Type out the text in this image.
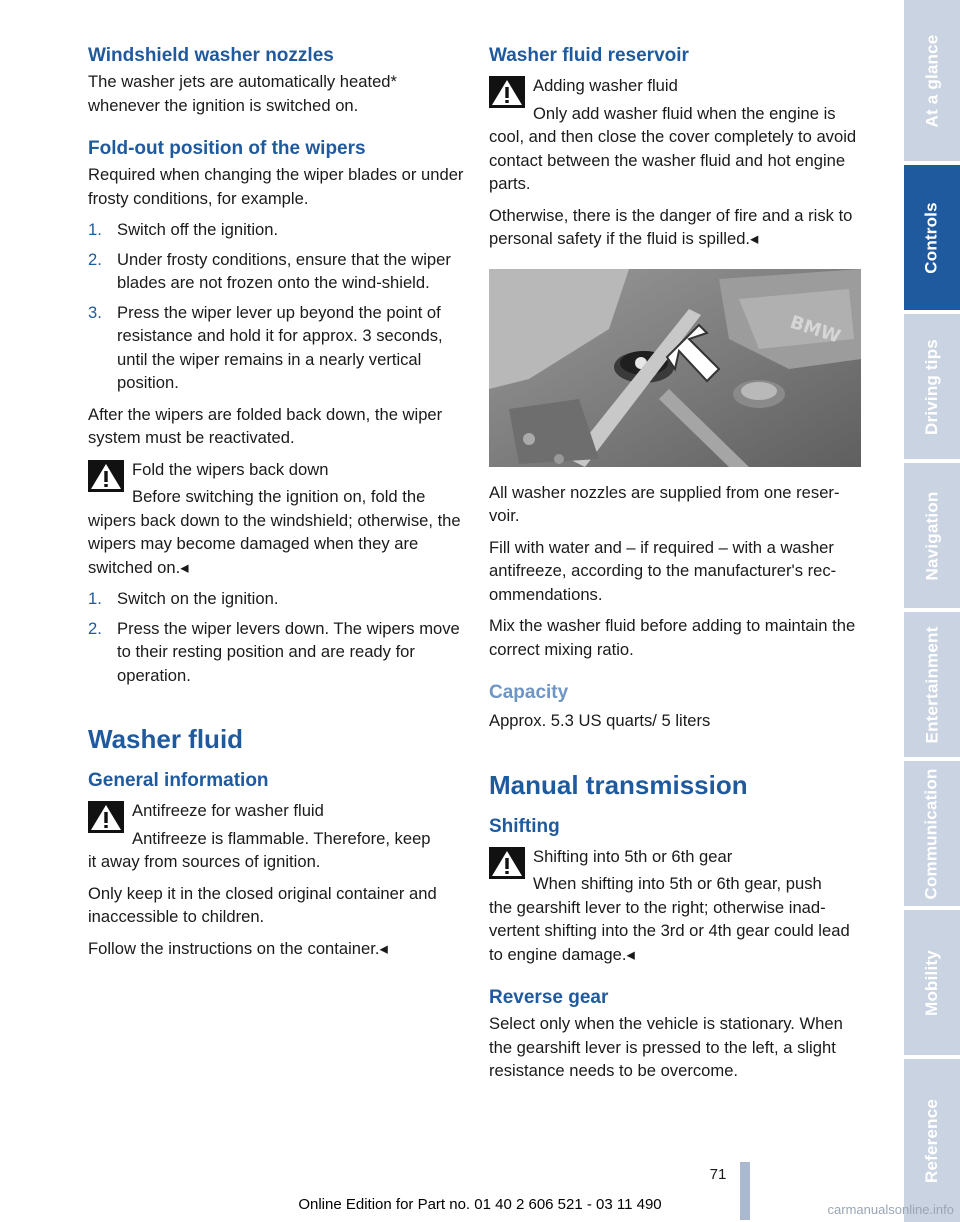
Windshield washer nozzles

The washer jets are automatically heated* whenever the ignition is switched on.

Fold-out position of the wipers

Required when changing the wiper blades or under frosty conditions, for example.

1. Switch off the ignition.
2. Under frosty conditions, ensure that the wiper blades are not frozen onto the wind-shield.
3. Press the wiper lever up beyond the point of resistance and hold it for approx. 3 seconds, until the wiper remains in a nearly vertical position.

After the wipers are folded back down, the wiper system must be reactivated.

Fold the wipers back down
Before switching the ignition on, fold the
wipers back down to the windshield; otherwise, the wipers may become damaged when they are switched on.◂
1. Switch on the ignition.
2. Press the wiper levers down. The wipers move to their resting position and are ready for operation.
Washer fluid
General information
Antifreeze for washer fluid
Antifreeze is flammable. Therefore, keep
it away from sources of ignition.

Only keep it in the closed original container and inaccessible to children.

Follow the instructions on the container.◂

Washer fluid reservoir
Adding washer fluid
Only add washer fluid when the engine is
cool, and then close the cover completely to avoid contact between the washer fluid and hot engine parts.

Otherwise, there is the danger of fire and a risk to personal safety if the fluid is spilled.◂

BMW

All washer nozzles are supplied from one reser-voir.

Fill with water and – if required – with a washer antifreeze, according to the manufacturer's rec-ommendations.

Mix the washer fluid before adding to maintain the correct mixing ratio.

Capacity

Approx. 5.3 US quarts/ 5 liters

Manual transmission
Shifting
Shifting into 5th or 6th gear
When shifting into 5th or 6th gear, push
the gearshift lever to the right; otherwise inad-vertent shifting into the 3rd or 4th gear could lead to engine damage.◂
Reverse gear

Select only when the vehicle is stationary. When the gearshift lever is pressed to the left, a slight resistance needs to be overcome.

At a glance
Controls
Driving tips
Navigation
Entertainment
Communication
Mobility
Reference
71
Online Edition for Part no. 01 40 2 606 521 - 03 11 490	carmanualsonline.info
